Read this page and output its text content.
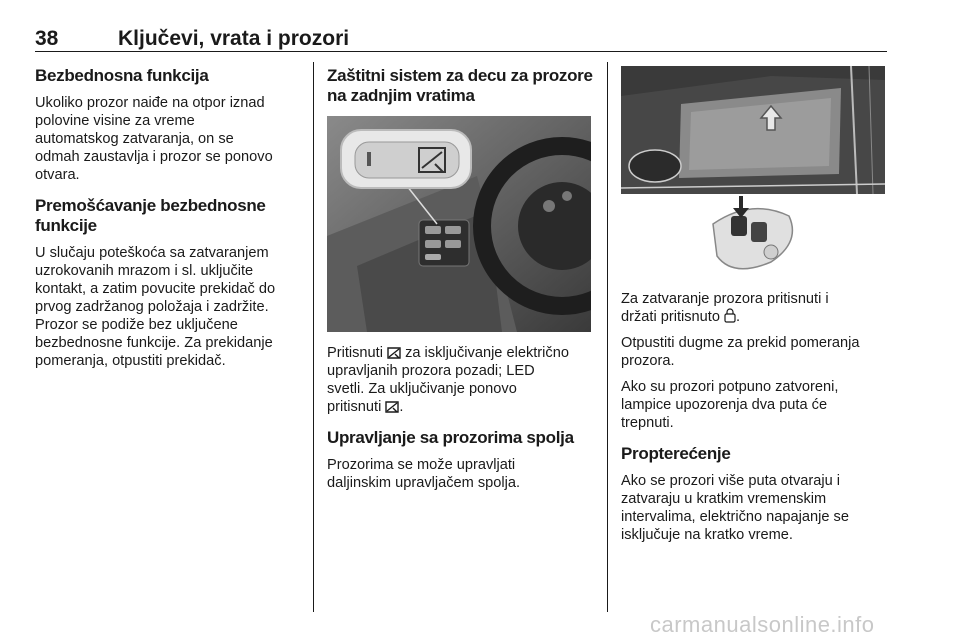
38	Ključevi, vrata i prozori
Bezbednosna funkcija

Ukoliko prozor naiđe na otpor iznad
polovine visine za vreme
automatskog zatvaranja, on se
odmah zaustavlja i prozor se ponovo
otvara.

Premošćavanje bezbednosne
funkcije

U slučaju poteškoća sa zatvaranjem
uzrokovanih mrazom i sl. uključite
kontakt, a zatim povucite prekidač do
prvog zadržanog položaja i zadržite.
Prozor se podiže bez uključene
bezbednosne funkcije. Za prekidanje
pomeranja, otpustiti prekidač.

Zaštitni sistem za decu za prozore
na zadnjim vratima

Pritisnuti za isključivanje električno
upravljanih prozora pozadi; LED
svetli. Za uključivanje ponovo
pritisnuti .

Upravljanje sa prozorima spolja

Prozorima se može upravljati
daljinskim upravljačem spolja.

Za zatvaranje prozora pritisnuti i
držati pritisnuto .

Otpustiti dugme za prekid pomeranja
prozora.

Ako su prozori potpuno zatvoreni,
lampice upozorenja dva puta će
trepnuti.

Propterećenje

Ako se prozori više puta otvaraju i
zatvaraju u kratkim vremenskim
intervalima, električno napajanje se
isključuje na kratko vreme.

carmanualsonline.info
